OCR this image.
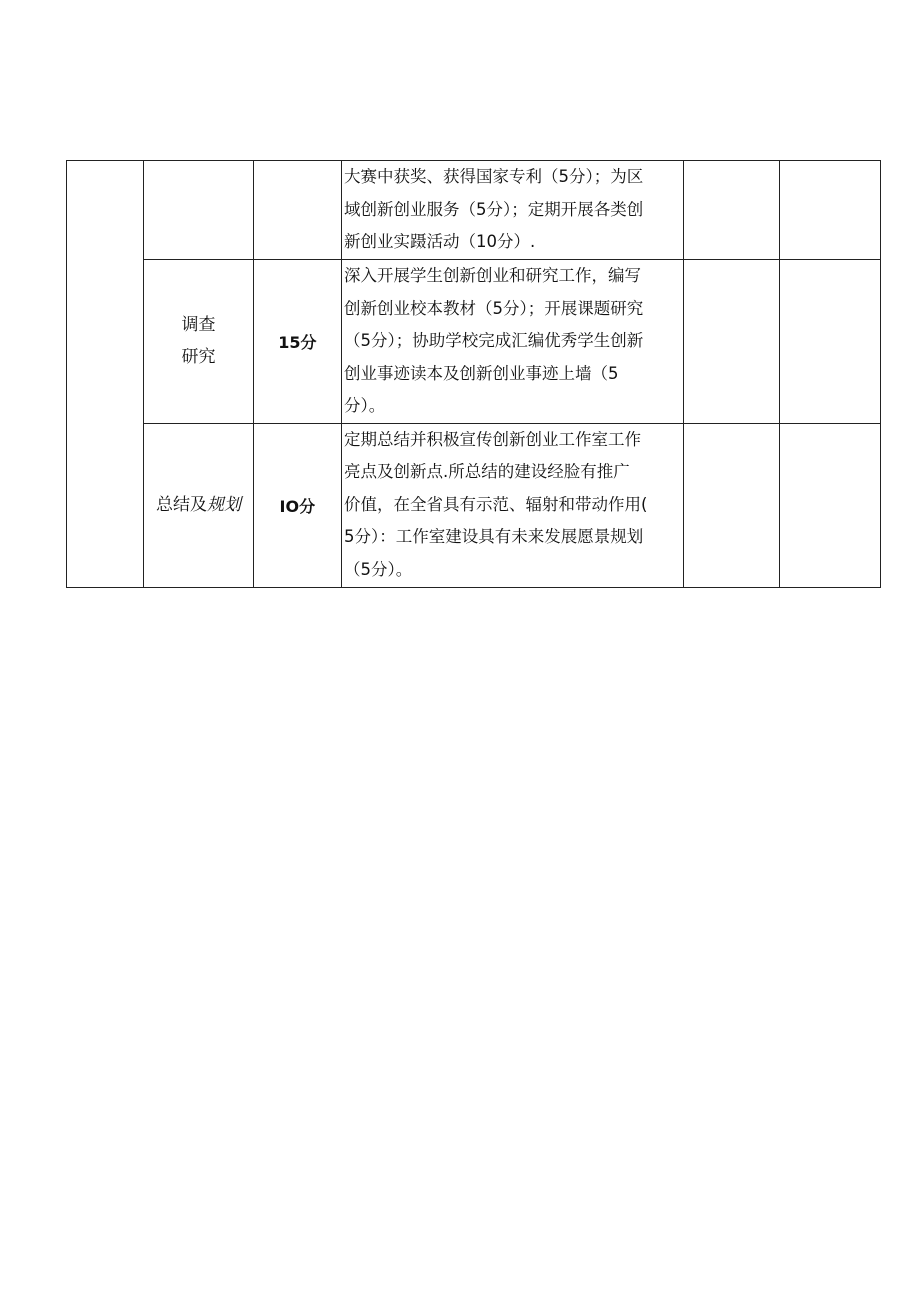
			大赛中获奖、获得国家专利（5分）；为区
域创新创业服务（5分）；定期开展各类创
新创业实蹑活动（10分）.		

	调查
研究	15分	深入开展学生创新创业和研究工作，编写
创新创业校本教材（5分）；开展课题研究
（5分）；协助学校完成汇编优秀学生创新
创业事迹读本及创新创业事迹上墙（5
分）。		

	总结及规划	IO分	定期总结并积极宣传创新创业工作室工作
亮点及创新点.所总结的建设经脸有推广
价值，在全省具有示范、辐射和带动作用(
5分）：工作室建设具有未来发展愿景规划
（5分）。		
